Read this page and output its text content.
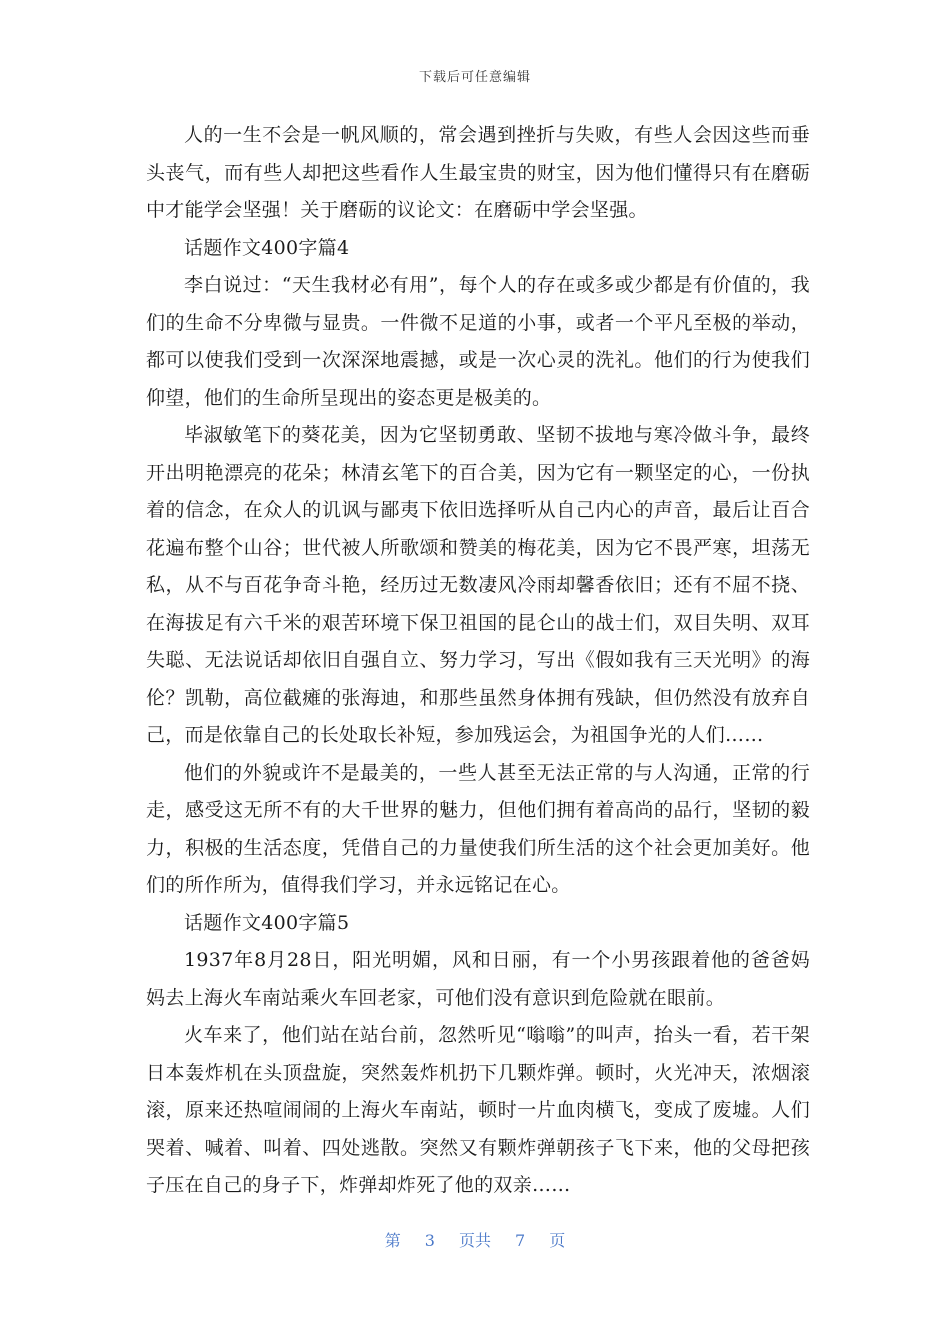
下载后可任意编辑

人的一生不会是一帆风顺的，常会遇到挫折与失败，有些人会因这些而垂头丧气，而有些人却把这些看作人生最宝贵的财宝，因为他们懂得只有在磨砺中才能学会坚强！关于磨砺的议论文：在磨砺中学会坚强。

话题作文400字篇4

李白说过：“天生我材必有用”，每个人的存在或多或少都是有价值的，我们的生命不分卑微与显贵。一件微不足道的小事，或者一个平凡至极的举动，都可以使我们受到一次深深地震撼，或是一次心灵的洗礼。他们的行为使我们仰望，他们的生命所呈现出的姿态更是极美的。

毕淑敏笔下的葵花美，因为它坚韧勇敢、坚韧不拔地与寒冷做斗争，最终开出明艳漂亮的花朵；林清玄笔下的百合美，因为它有一颗坚定的心，一份执着的信念，在众人的讥讽与鄙夷下依旧选择听从自己内心的声音，最后让百合花遍布整个山谷；世代被人所歌颂和赞美的梅花美，因为它不畏严寒，坦荡无私，从不与百花争奇斗艳，经历过无数凄风冷雨却馨香依旧；还有不屈不挠、在海拔足有六千米的艰苦环境下保卫祖国的昆仑山的战士们，双目失明、双耳失聪、无法说话却依旧自强自立、努力学习，写出《假如我有三天光明》的海伦？凯勒，高位截瘫的张海迪，和那些虽然身体拥有残缺，但仍然没有放弃自己，而是依靠自己的长处取长补短，参加残运会，为祖国争光的人们……

他们的外貌或许不是最美的，一些人甚至无法正常的与人沟通，正常的行走，感受这无所不有的大千世界的魅力，但他们拥有着高尚的品行，坚韧的毅力，积极的生活态度，凭借自己的力量使我们所生活的这个社会更加美好。他们的所作所为，值得我们学习，并永远铭记在心。

话题作文400字篇5

1937年8月28日，阳光明媚，风和日丽，有一个小男孩跟着他的爸爸妈妈去上海火车南站乘火车回老家，可他们没有意识到危险就在眼前。

火车来了，他们站在站台前，忽然听见“嗡嗡”的叫声，抬头一看，若干架日本轰炸机在头顶盘旋，突然轰炸机扔下几颗炸弹。顿时，火光冲天，浓烟滚滚，原来还热喧闹闹的上海火车南站，顿时一片血肉横飞，变成了废墟。人们哭着、喊着、叫着、四处逃散。突然又有颗炸弹朝孩子飞下来，他的父母把孩子压在自己的身子下，炸弹却炸死了他的双亲……

第 3 页共 7 页
